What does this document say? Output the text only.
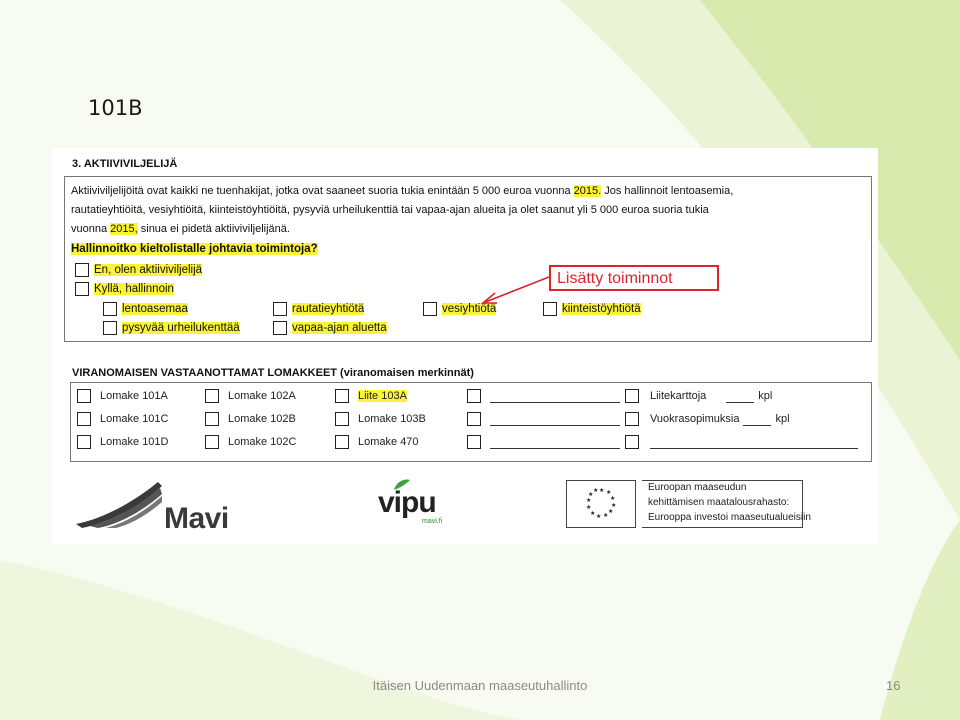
101B
3. AKTIIVIVILJELIJÄ
Aktiiviviljelijöitä ovat kaikki ne tuenhakijat, jotka ovat saaneet suoria tukia enintään 5 000 euroa vuonna 2015. Jos hallinnoit lentoasemia,
rautatieyhtiöitä, vesiyhtiöitä, kiinteistöyhtiöitä, pysyviä urheilukenttiä tai vapaa-ajan alueita ja olet saanut yli 5 000 euroa suoria tukia
vuonna 2015, sinua ei pidetä aktiiviviljelijänä.
Hallinnoitko kieltolistalle johtavia toimintoja?
En, olen aktiiviviljelijä
Kyllä, hallinnoin
lentoasemaa	rautatieyhtiötä	vesiyhtiötä	kiinteistöyhtiötä
pysyvää urheilukenttää	vapaa-ajan aluetta
Lisätty toiminnot
VIRANOMAISEN VASTAANOTTAMAT LOMAKKEET (viranomaisen merkinnät)
Lomake 101A	Lomake 102A	Liite 103A	Liitekarttoja	kpl
Lomake 101C	Lomake 102B	Lomake 103B	Vuokrasopimuksia	kpl
Lomake 101D	Lomake 102C	Lomake 470
Mavi	vipu
mavi.fi
★ ★
★
★
★
★
★
★
★
★
★
★	Euroopan maaseudun
kehittämisen maatalousrahasto:
Eurooppa investoi maaseutualueisiin
Itäisen Uudenmaan maaseutuhallinto	16
